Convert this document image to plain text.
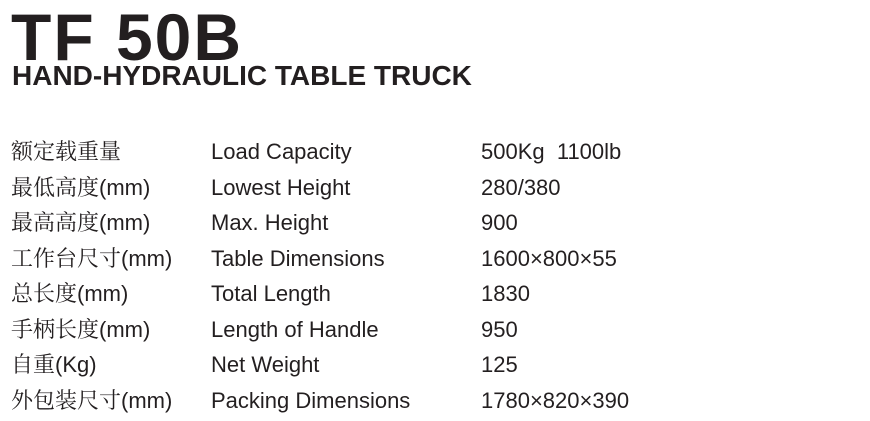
TF 50B
HAND-HYDRAULIC TABLE TRUCK
额定载重量	Load Capacity	500Kg  1100lb
最低高度(mm)	Lowest Height	280/380
最高高度(mm)	Max. Height	900
工作台尺寸(mm)	Table Dimensions	1600×800×55
总长度(mm)	Total Length	1830
手柄长度(mm)	Length of Handle	950
自重(Kg)	Net Weight	125
外包装尺寸(mm)	Packing Dimensions	1780×820×390
